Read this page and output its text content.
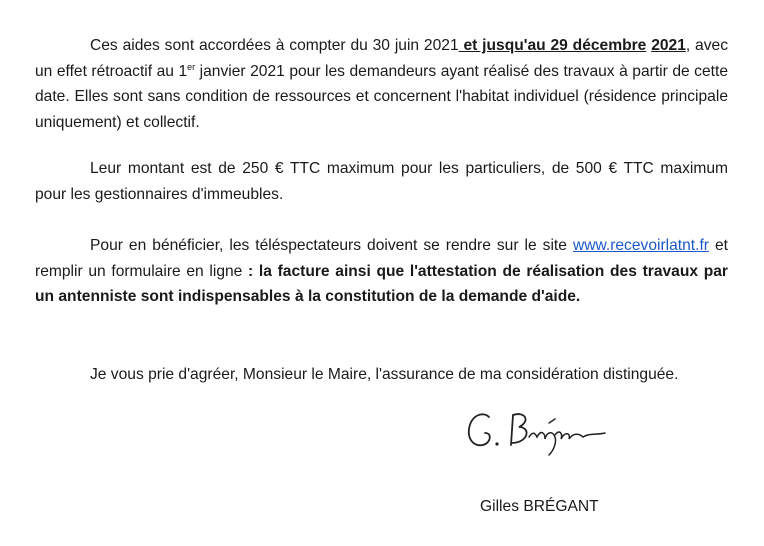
Ces aides sont accordées à compter du 30 juin 2021 et jusqu'au 29 décembre 2021, avec un effet rétroactif au 1er janvier 2021 pour les demandeurs ayant réalisé des travaux à partir de cette date. Elles sont sans condition de ressources et concernent l'habitat individuel (résidence principale uniquement) et collectif.

Leur montant est de 250 € TTC maximum pour les particuliers, de 500 € TTC maximum pour les gestionnaires d'immeubles.

Pour en bénéficier, les téléspectateurs doivent se rendre sur le site www.recevoirlatnt.fr et remplir un formulaire en ligne : la facture ainsi que l'attestation de réalisation des travaux par un antenniste sont indispensables à la constitution de la demande d'aide.

Je vous prie d'agréer, Monsieur le Maire, l'assurance de ma considération distinguée.

Gilles BRÉGANT
